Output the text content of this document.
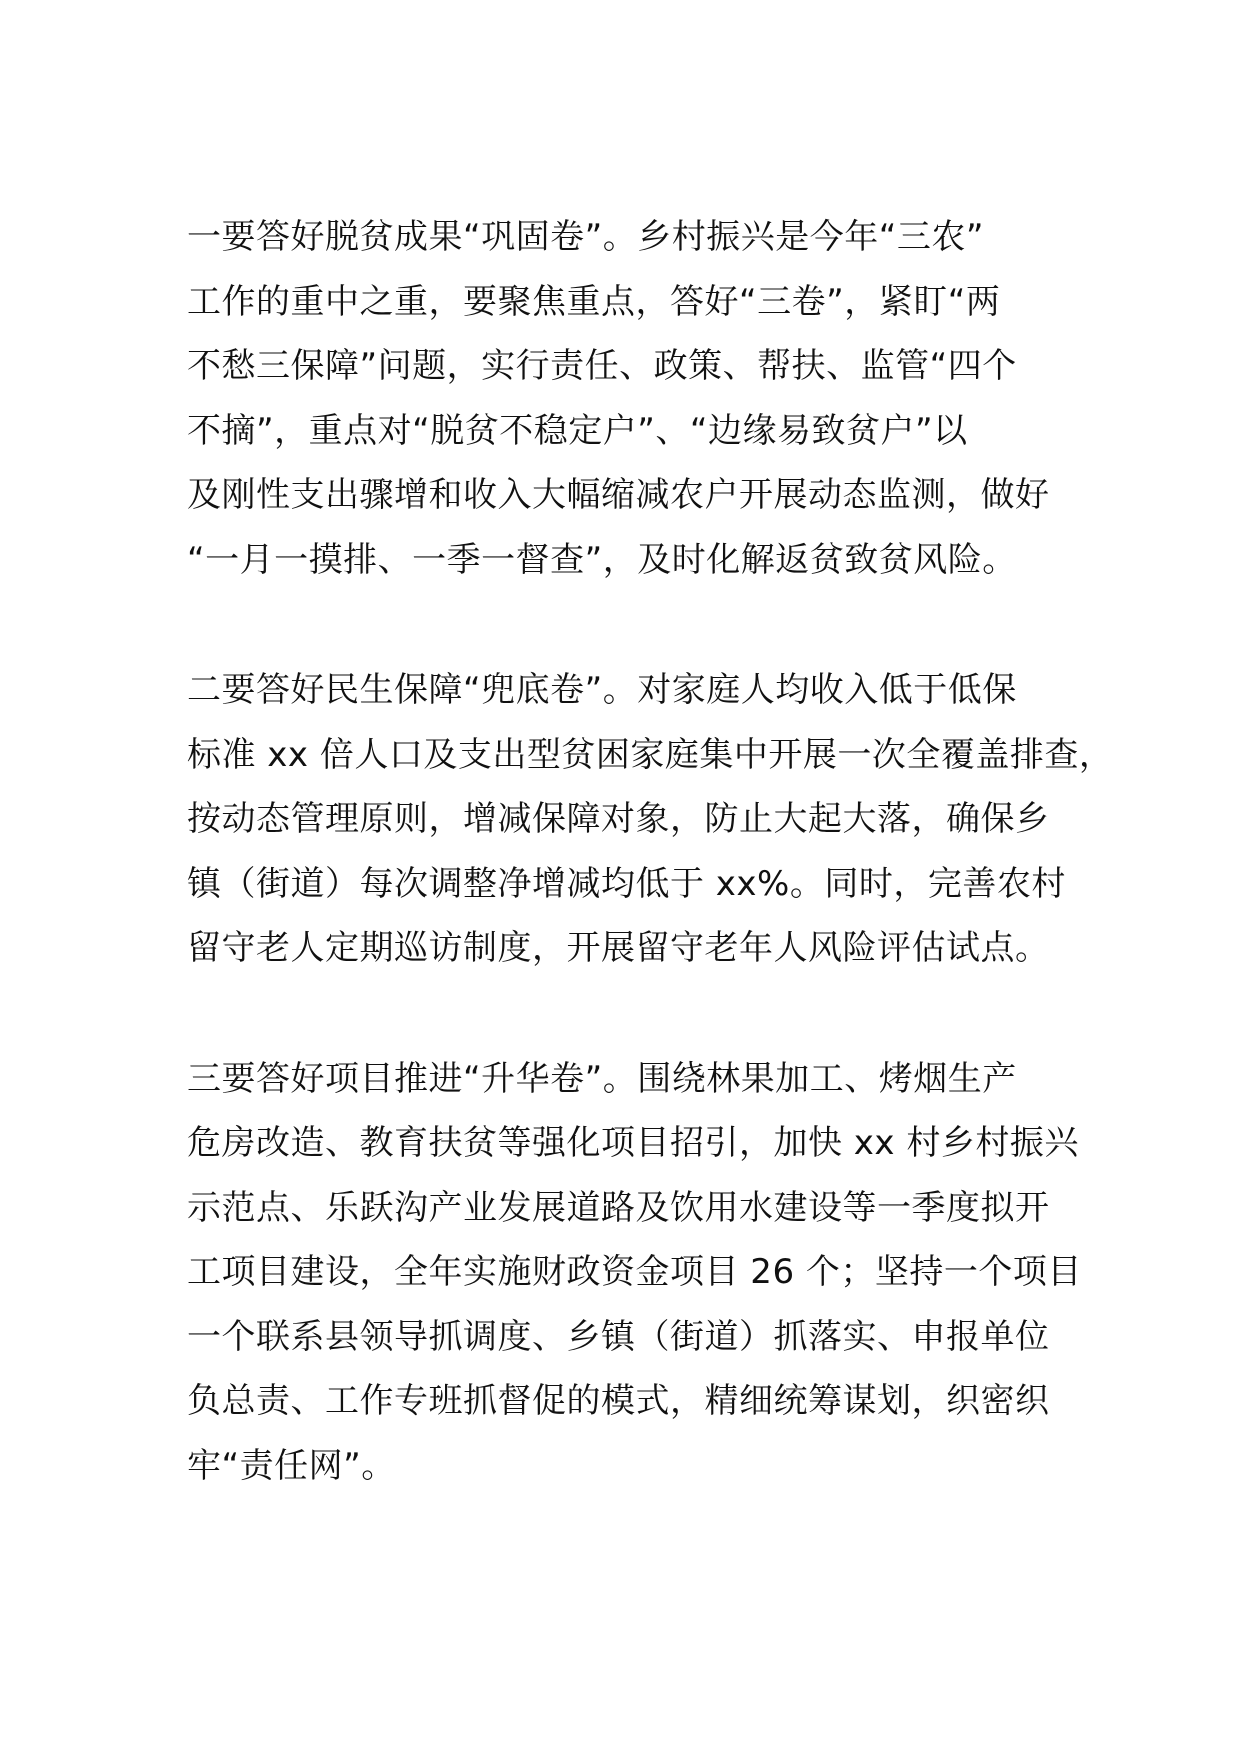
一要答好脱贫成果“巩固卷”。乡村振兴是今年“三农”
工作的重中之重，要聚焦重点，答好“三卷”，紧盯“两
不愁三保障”问题，实行责任、政策、帮扶、监管“四个
不摘”，重点对“脱贫不稳定户”、“边缘易致贫户”以
及刚性支出骤增和收入大幅缩减农户开展动态监测，做好
“一月一摸排、一季一督查”，及时化解返贫致贫风险。
二要答好民生保障“兜底卷”。对家庭人均收入低于低保
标准 xx 倍人口及支出型贫困家庭集中开展一次全覆盖排查，
按动态管理原则，增减保障对象，防止大起大落，确保乡
镇（街道）每次调整净增减均低于 xx%。同时，完善农村
留守老人定期巡访制度，开展留守老年人风险评估试点。
三要答好项目推进“升华卷”。围绕林果加工、烤烟生产
危房改造、教育扶贫等强化项目招引，加快 xx 村乡村振兴
示范点、乐跃沟产业发展道路及饮用水建设等一季度拟开
工项目建设，全年实施财政资金项目 26 个；坚持一个项目
一个联系县领导抓调度、乡镇（街道）抓落实、申报单位
负总责、工作专班抓督促的模式，精细统筹谋划，织密织
牢“责任网”。
